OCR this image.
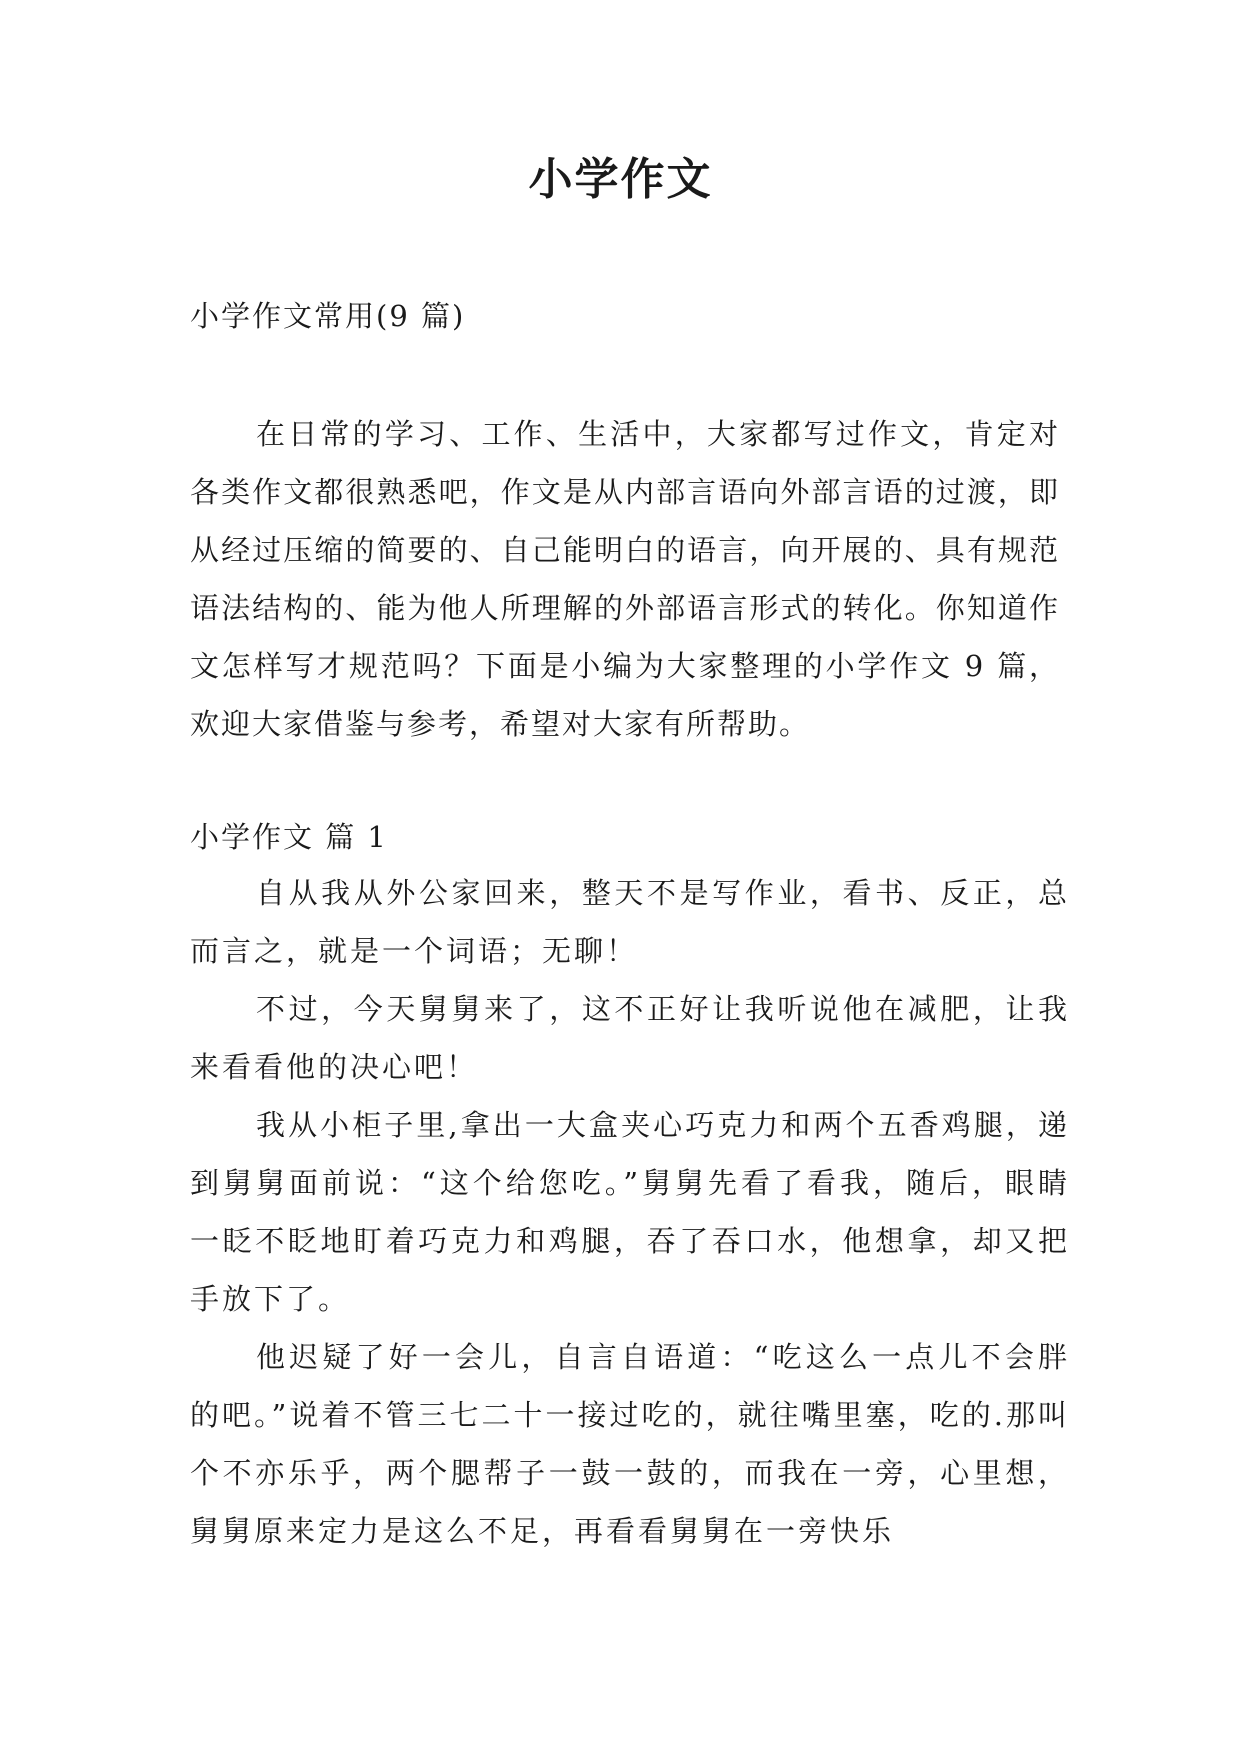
小学作文
小学作文常用(9 篇)

在日常的学习、工作、生活中，大家都写过作文，肯定对各类作文都很熟悉吧，作文是从内部言语向外部言语的过渡，即从经过压缩的简要的、自己能明白的语言，向开展的、具有规范语法结构的、能为他人所理解的外部语言形式的转化。你知道作文怎样写才规范吗？下面是小编为大家整理的小学作文 9 篇，欢迎大家借鉴与参考，希望对大家有所帮助。

小学作文 篇 1

自从我从外公家回来，整天不是写作业，看书、反正，总而言之，就是一个词语；无聊！

不过，今天舅舅来了，这不正好让我听说他在减肥，让我来看看他的决心吧！

我从小柜子里,拿出一大盒夹心巧克力和两个五香鸡腿，递到舅舅面前说：“这个给您吃。”舅舅先看了看我，随后，眼睛一眨不眨地盯着巧克力和鸡腿，吞了吞口水，他想拿，却又把手放下了。

他迟疑了好一会儿，自言自语道：“吃这么一点儿不会胖的吧。”说着不管三七二十一接过吃的，就往嘴里塞，吃的.那叫个不亦乐乎，两个腮帮子一鼓一鼓的，而我在一旁，心里想，舅舅原来定力是这么不足，再看看舅舅在一旁快乐
